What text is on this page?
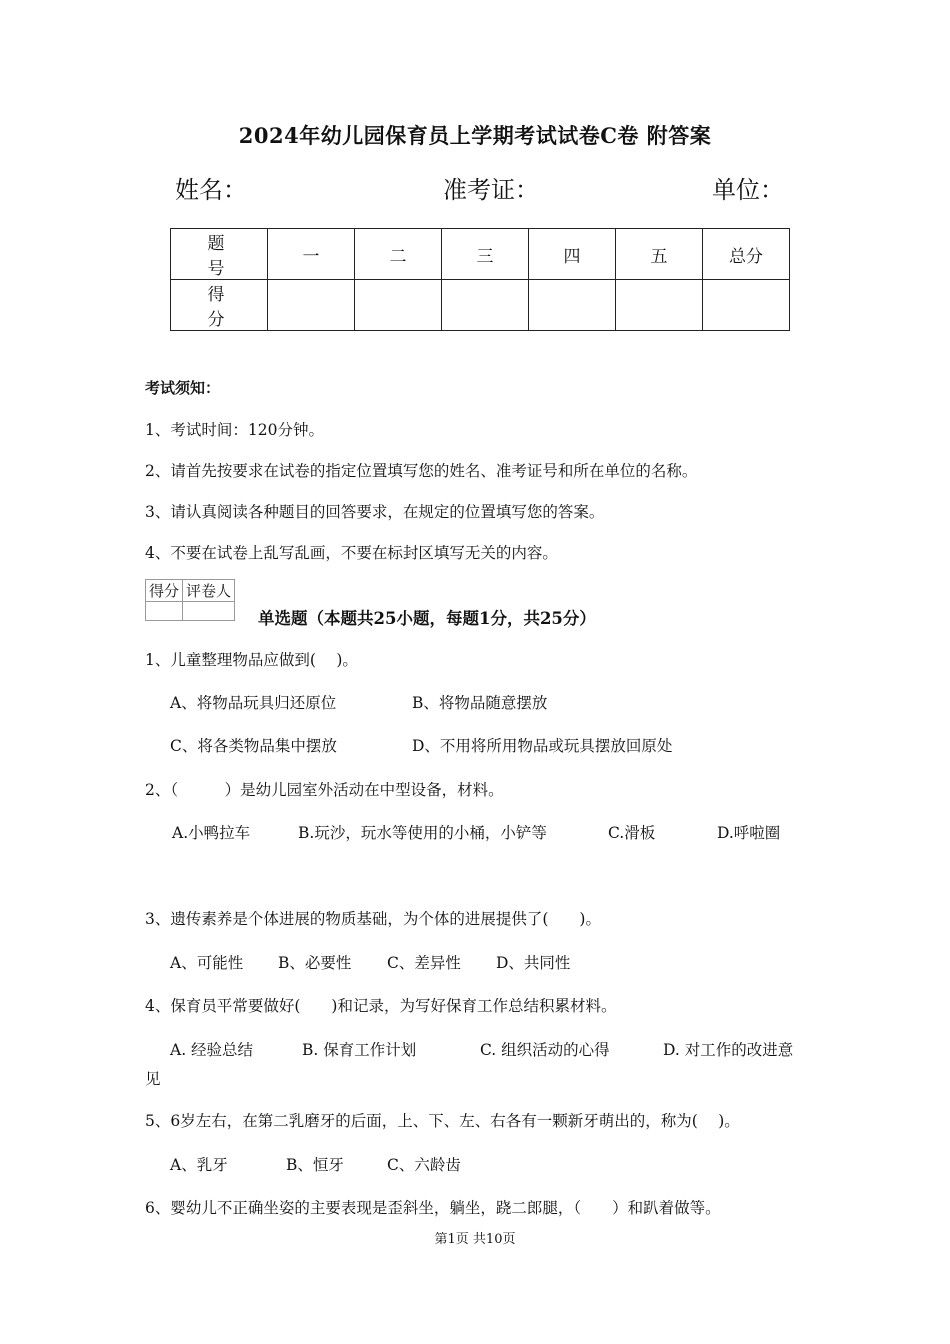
2024年幼儿园保育员上学期考试试卷C卷 附答案
姓名：	准考证：	单位：
题　号	一	二	三	四	五	总分
得　分						
考试须知：
1、考试时间：120分钟。
2、请首先按要求在试卷的指定位置填写您的姓名、准考证号和所在单位的名称。
3、请认真阅读各种题目的回答要求，在规定的位置填写您的答案。
4、不要在试卷上乱写乱画，不要在标封区填写无关的内容。
得分	评卷人

单选题（本题共25小题，每题1分，共25分）
1、儿童整理物品应做到(　 )。
A、将物品玩具归还原位	B、将物品随意摆放
C、将各类物品集中摆放	D、不用将所用物品或玩具摆放回原处
2、（　　　）是幼儿园室外活动在中型设备，材料。
A.小鸭拉车	B.玩沙，玩水等使用的小桶，小铲等	C.滑板	D.呼啦圈
3、遗传素养是个体进展的物质基础，为个体的进展提供了(　　)。
A、可能性 B、必要性 C、差异性 D、共同性
4、保育员平常要做好(　　)和记录，为写好保育工作总结积累材料。
A. 经验总结	B. 保育工作计划	C. 组织活动的心得	D. 对工作的改进意
见
5、6岁左右，在第二乳磨牙的后面，上、下、左、右各有一颗新牙萌出的，称为(　 )。
A、乳牙	B、恒牙	C、六龄齿
6、婴幼儿不正确坐姿的主要表现是歪斜坐，躺坐，跷二郎腿，（　　）和趴着做等。
第1页 共10页
